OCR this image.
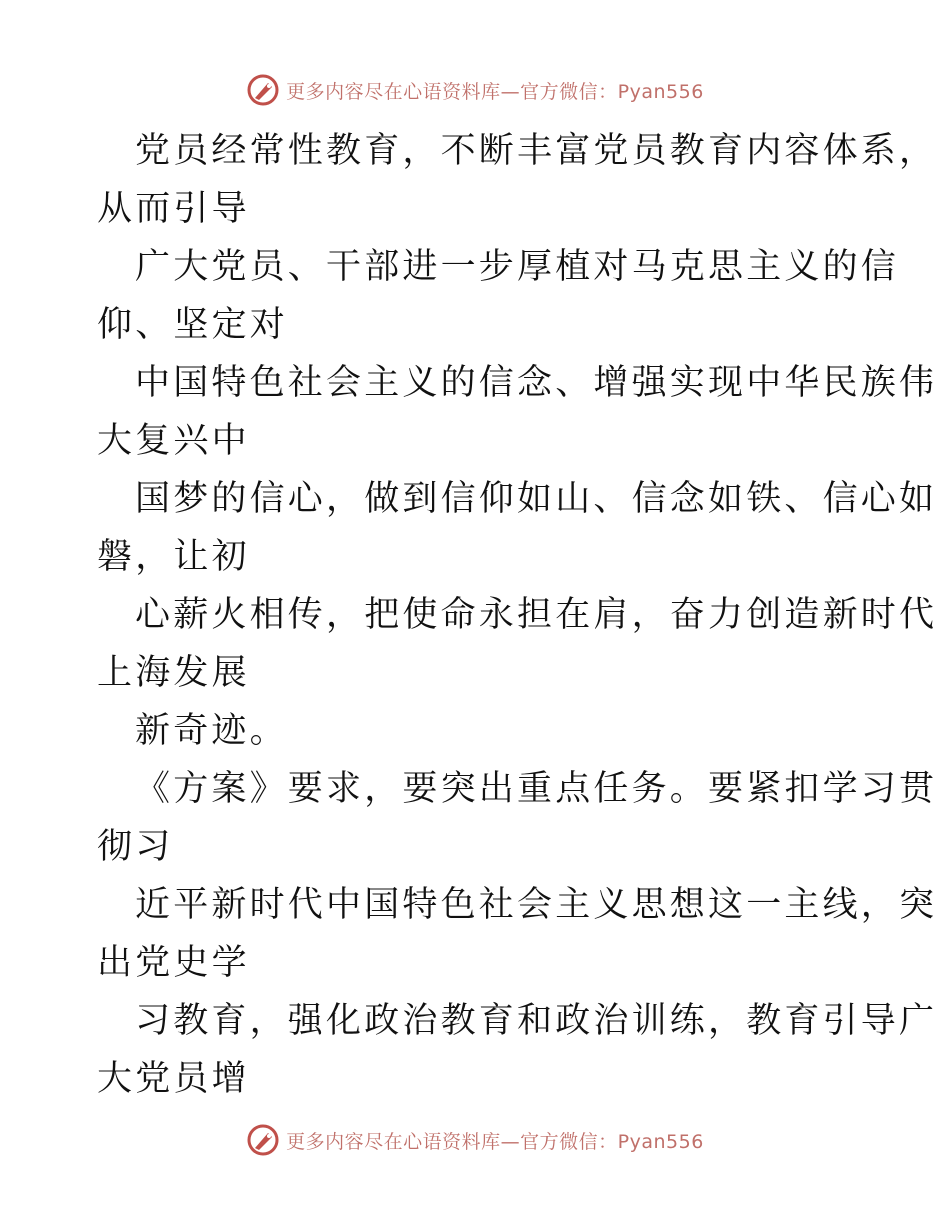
更多内容尽在心语资料库—官方微信：Pyan556
党员经常性教育，不断丰富党员教育内容体系，
从而引导
广大党员、干部进一步厚植对马克思主义的信
仰、坚定对
中国特色社会主义的信念、增强实现中华民族伟
大复兴中
国梦的信心，做到信仰如山、信念如铁、信心如
磐，让初
心薪火相传，把使命永担在肩，奋力创造新时代
上海发展
新奇迹。
《方案》要求，要突出重点任务。要紧扣学习贯
彻习
近平新时代中国特色社会主义思想这一主线，突
出党史学
习教育，强化政治教育和政治训练，教育引导广
大党员增
更多内容尽在心语资料库—官方微信：Pyan556
